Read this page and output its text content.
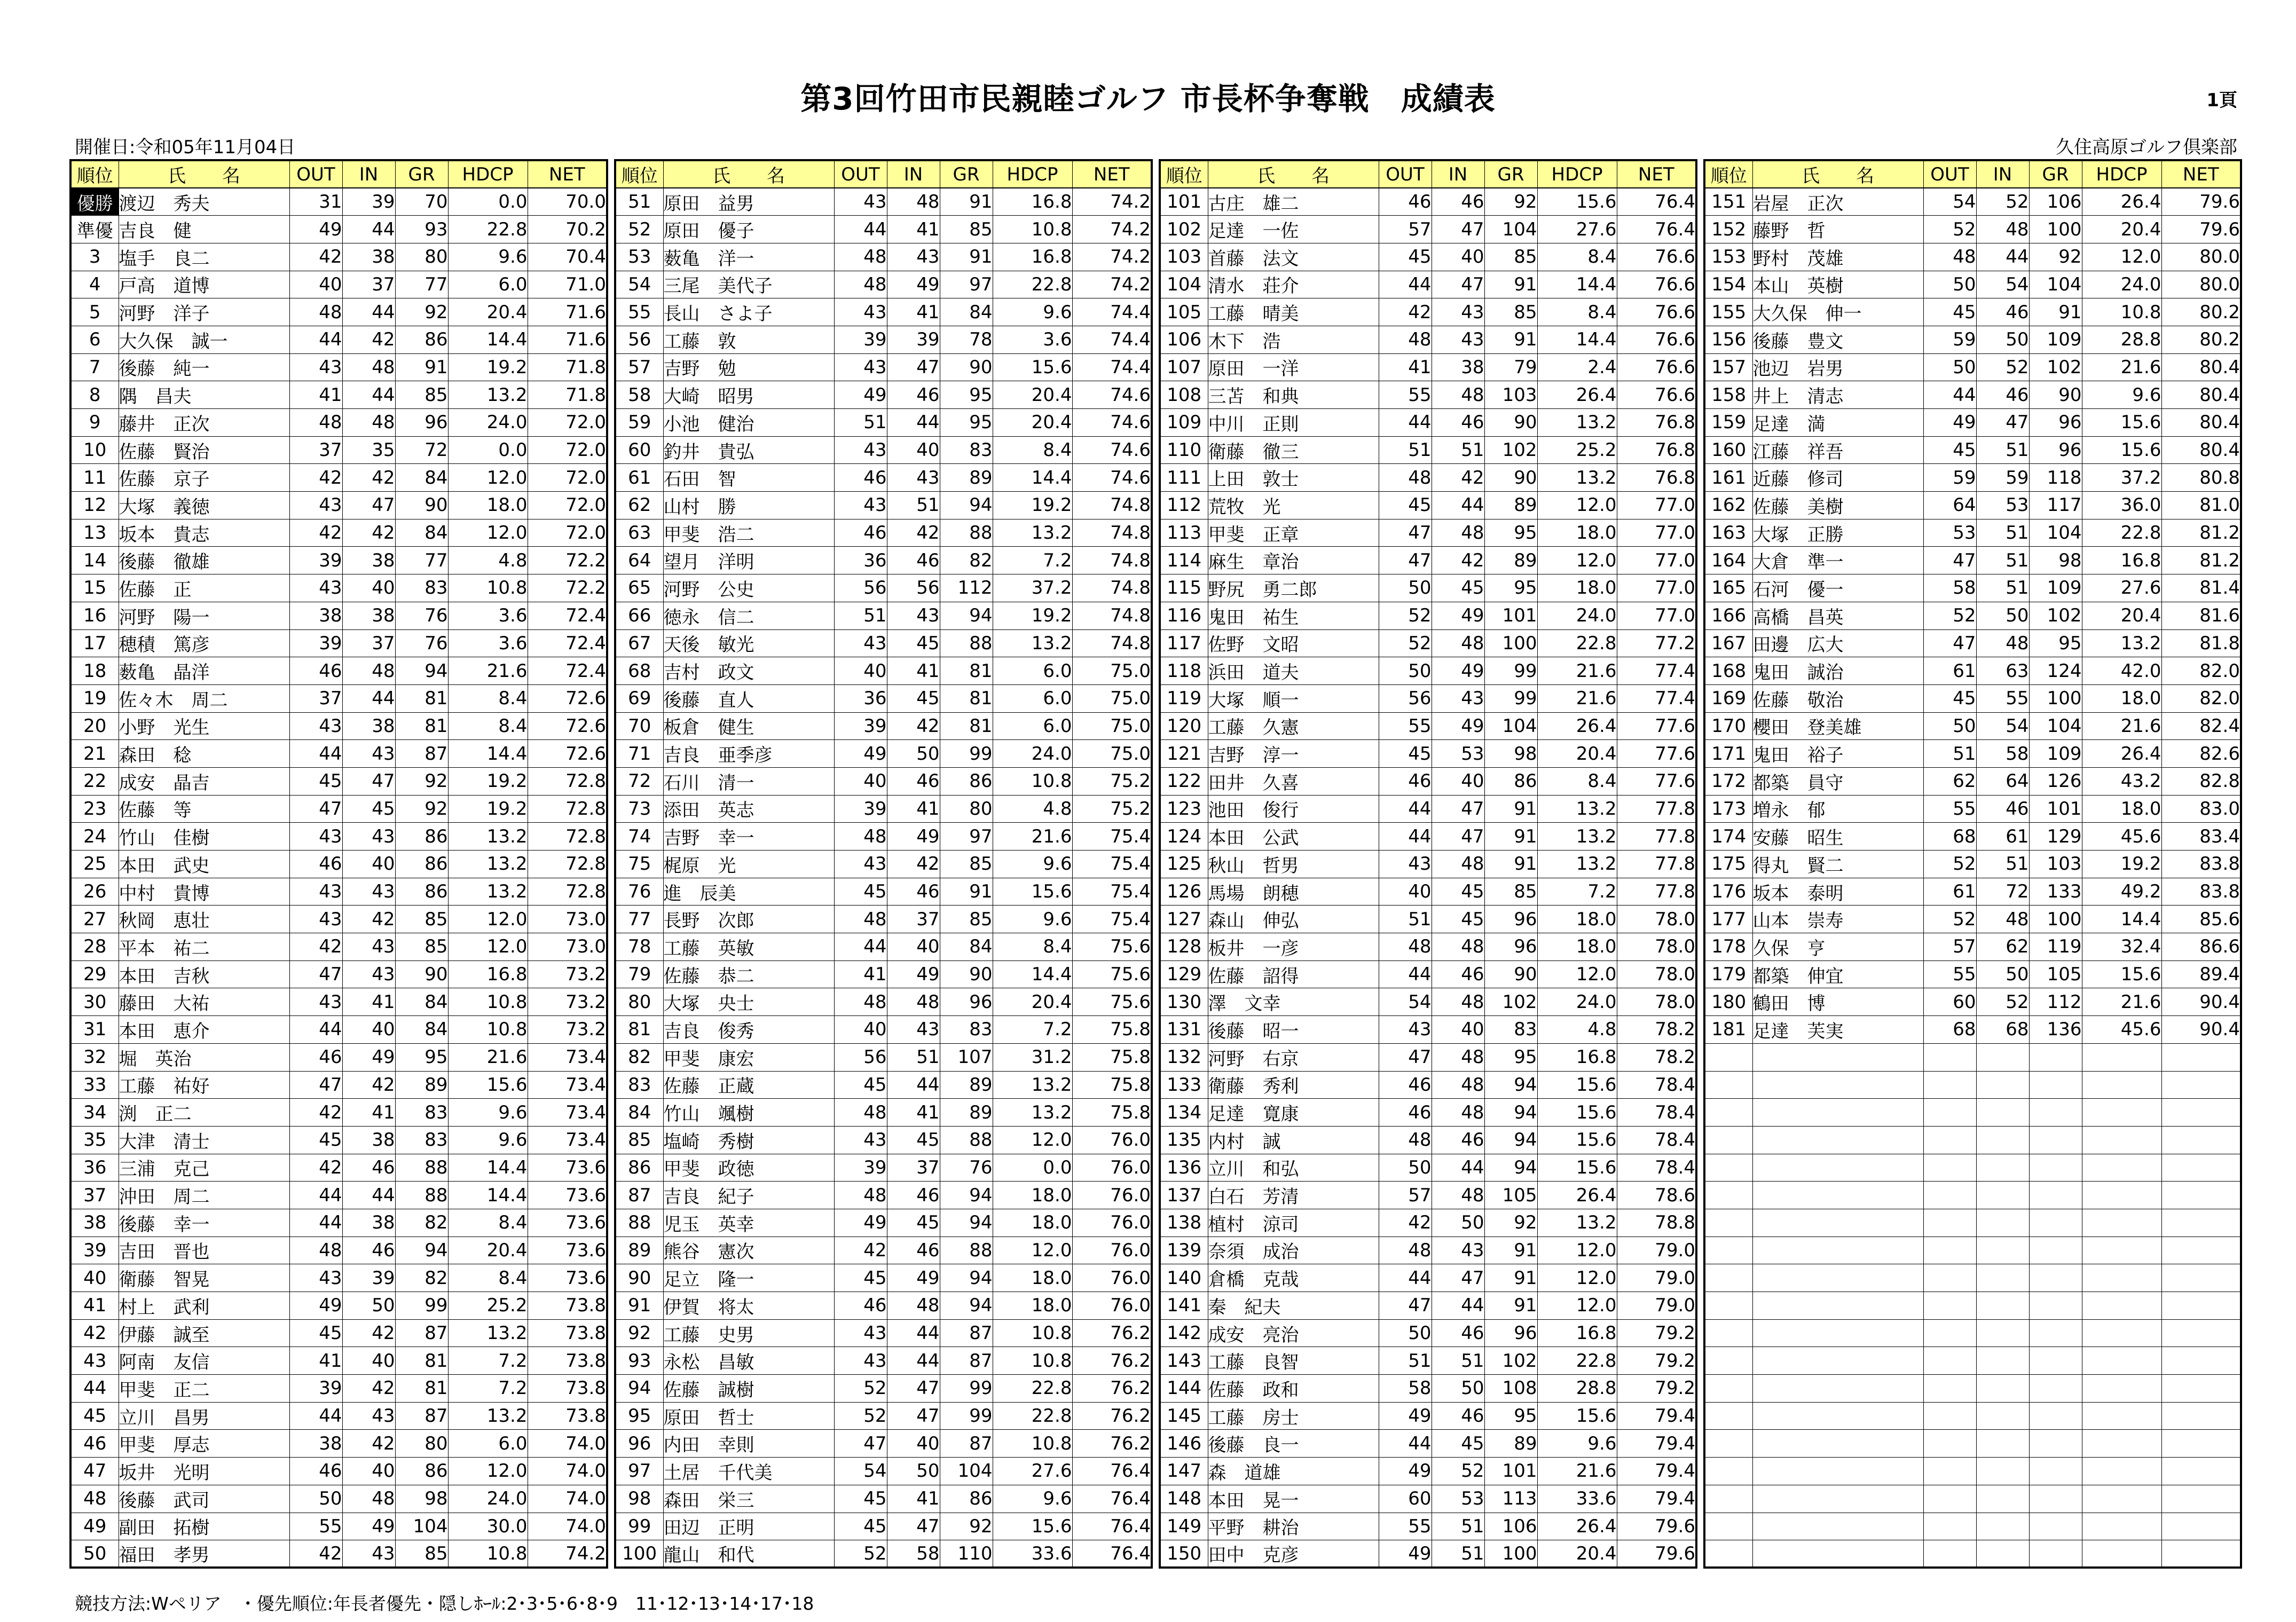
第3回竹田市民親睦ゴルフ 市長杯争奪戦　成績表	1頁
開催日:令和05年11月04日	久住高原ゴルフ倶楽部
順位	氏　　名	OUT	IN	GR	HDCP	NET
優勝	渡辺　秀夫	31	39	70	0.0	70.0
準優	吉良　健	49	44	93	22.8	70.2
3	塩手　良二	42	38	80	9.6	70.4
4	戸高　道博	40	37	77	6.0	71.0
5	河野　洋子	48	44	92	20.4	71.6
6	大久保　誠一	44	42	86	14.4	71.6
7	後藤　純一	43	48	91	19.2	71.8
8	隅　昌夫	41	44	85	13.2	71.8
9	藤井　正次	48	48	96	24.0	72.0
10	佐藤　賢治	37	35	72	0.0	72.0
11	佐藤　京子	42	42	84	12.0	72.0
12	大塚　義徳	43	47	90	18.0	72.0
13	坂本　貴志	42	42	84	12.0	72.0
14	後藤　徹雄	39	38	77	4.8	72.2
15	佐藤　正	43	40	83	10.8	72.2
16	河野　陽一	38	38	76	3.6	72.4
17	穂積　篤彦	39	37	76	3.6	72.4
18	薮亀　晶洋	46	48	94	21.6	72.4
19	佐々木　周二	37	44	81	8.4	72.6
20	小野　光生	43	38	81	8.4	72.6
21	森田　稔	44	43	87	14.4	72.6
22	成安　晶吉	45	47	92	19.2	72.8
23	佐藤　等	47	45	92	19.2	72.8
24	竹山　佳樹	43	43	86	13.2	72.8
25	本田　武史	46	40	86	13.2	72.8
26	中村　貴博	43	43	86	13.2	72.8
27	秋岡　恵壮	43	42	85	12.0	73.0
28	平本　祐二	42	43	85	12.0	73.0
29	本田　吉秋	47	43	90	16.8	73.2
30	藤田　大祐	43	41	84	10.8	73.2
31	本田　恵介	44	40	84	10.8	73.2
32	堀　英治	46	49	95	21.6	73.4
33	工藤　祐好	47	42	89	15.6	73.4
34	渕　正二	42	41	83	9.6	73.4
35	大津　清士	45	38	83	9.6	73.4
36	三浦　克己	42	46	88	14.4	73.6
37	沖田　周二	44	44	88	14.4	73.6
38	後藤　幸一	44	38	82	8.4	73.6
39	吉田　晋也	48	46	94	20.4	73.6
40	衛藤　智晃	43	39	82	8.4	73.6
41	村上　武利	49	50	99	25.2	73.8
42	伊藤　誠至	45	42	87	13.2	73.8
43	阿南　友信	41	40	81	7.2	73.8
44	甲斐　正二	39	42	81	7.2	73.8
45	立川　昌男	44	43	87	13.2	73.8
46	甲斐　厚志	38	42	80	6.0	74.0
47	坂井　光明	46	40	86	12.0	74.0
48	後藤　武司	50	48	98	24.0	74.0
49	副田　拓樹	55	49	104	30.0	74.0
50	福田　孝男	42	43	85	10.8	74.2
順位	氏　　名	OUT	IN	GR	HDCP	NET
51	原田　益男	43	48	91	16.8	74.2
52	原田　優子	44	41	85	10.8	74.2
53	薮亀　洋一	48	43	91	16.8	74.2
54	三尾　美代子	48	49	97	22.8	74.2
55	長山　さよ子	43	41	84	9.6	74.4
56	工藤　敦	39	39	78	3.6	74.4
57	吉野　勉	43	47	90	15.6	74.4
58	大崎　昭男	49	46	95	20.4	74.6
59	小池　健治	51	44	95	20.4	74.6
60	釣井　貴弘	43	40	83	8.4	74.6
61	石田　智	46	43	89	14.4	74.6
62	山村　勝	43	51	94	19.2	74.8
63	甲斐　浩二	46	42	88	13.2	74.8
64	望月　洋明	36	46	82	7.2	74.8
65	河野　公史	56	56	112	37.2	74.8
66	徳永　信二	51	43	94	19.2	74.8
67	天後　敏光	43	45	88	13.2	74.8
68	吉村　政文	40	41	81	6.0	75.0
69	後藤　直人	36	45	81	6.0	75.0
70	板倉　健生	39	42	81	6.0	75.0
71	吉良　亜季彦	49	50	99	24.0	75.0
72	石川　清一	40	46	86	10.8	75.2
73	添田　英志	39	41	80	4.8	75.2
74	吉野　幸一	48	49	97	21.6	75.4
75	梶原　光	43	42	85	9.6	75.4
76	進　辰美	45	46	91	15.6	75.4
77	長野　次郎	48	37	85	9.6	75.4
78	工藤　英敏	44	40	84	8.4	75.6
79	佐藤　恭二	41	49	90	14.4	75.6
80	大塚　央士	48	48	96	20.4	75.6
81	吉良　俊秀	40	43	83	7.2	75.8
82	甲斐　康宏	56	51	107	31.2	75.8
83	佐藤　正蔵	45	44	89	13.2	75.8
84	竹山　颯樹	48	41	89	13.2	75.8
85	塩崎　秀樹	43	45	88	12.0	76.0
86	甲斐　政徳	39	37	76	0.0	76.0
87	吉良　紀子	48	46	94	18.0	76.0
88	児玉　英幸	49	45	94	18.0	76.0
89	熊谷　憲次	42	46	88	12.0	76.0
90	足立　隆一	45	49	94	18.0	76.0
91	伊賀　将太	46	48	94	18.0	76.0
92	工藤　史男	43	44	87	10.8	76.2
93	永松　昌敏	43	44	87	10.8	76.2
94	佐藤　誠樹	52	47	99	22.8	76.2
95	原田　哲士	52	47	99	22.8	76.2
96	内田　幸則	47	40	87	10.8	76.2
97	土居　千代美	54	50	104	27.6	76.4
98	森田　栄三	45	41	86	9.6	76.4
99	田辺　正明	45	47	92	15.6	76.4
100	龍山　和代	52	58	110	33.6	76.4
順位	氏　　名	OUT	IN	GR	HDCP	NET
101	古庄　雄二	46	46	92	15.6	76.4
102	足達　一佐	57	47	104	27.6	76.4
103	首藤　法文	45	40	85	8.4	76.6
104	清水　荘介	44	47	91	14.4	76.6
105	工藤　晴美	42	43	85	8.4	76.6
106	木下　浩	48	43	91	14.4	76.6
107	原田　一洋	41	38	79	2.4	76.6
108	三苫　和典	55	48	103	26.4	76.6
109	中川　正則	44	46	90	13.2	76.8
110	衛藤　徹三	51	51	102	25.2	76.8
111	上田　敦士	48	42	90	13.2	76.8
112	荒牧　光	45	44	89	12.0	77.0
113	甲斐　正章	47	48	95	18.0	77.0
114	麻生　章治	47	42	89	12.0	77.0
115	野尻　勇二郎	50	45	95	18.0	77.0
116	鬼田　祐生	52	49	101	24.0	77.0
117	佐野　文昭	52	48	100	22.8	77.2
118	浜田　道夫	50	49	99	21.6	77.4
119	大塚　順一	56	43	99	21.6	77.4
120	工藤　久憲	55	49	104	26.4	77.6
121	吉野　淳一	45	53	98	20.4	77.6
122	田井　久喜	46	40	86	8.4	77.6
123	池田　俊行	44	47	91	13.2	77.8
124	本田　公武	44	47	91	13.2	77.8
125	秋山　哲男	43	48	91	13.2	77.8
126	馬場　朗穂	40	45	85	7.2	77.8
127	森山　伸弘	51	45	96	18.0	78.0
128	板井　一彦	48	48	96	18.0	78.0
129	佐藤　詔得	44	46	90	12.0	78.0
130	澤　文幸	54	48	102	24.0	78.0
131	後藤　昭一	43	40	83	4.8	78.2
132	河野　右京	47	48	95	16.8	78.2
133	衛藤　秀利	46	48	94	15.6	78.4
134	足達　寛康	46	48	94	15.6	78.4
135	内村　誠	48	46	94	15.6	78.4
136	立川　和弘	50	44	94	15.6	78.4
137	白石　芳清	57	48	105	26.4	78.6
138	植村　涼司	42	50	92	13.2	78.8
139	奈須　成治	48	43	91	12.0	79.0
140	倉橋　克哉	44	47	91	12.0	79.0
141	秦　紀夫	47	44	91	12.0	79.0
142	成安　亮治	50	46	96	16.8	79.2
143	工藤　良智	51	51	102	22.8	79.2
144	佐藤　政和	58	50	108	28.8	79.2
145	工藤　房士	49	46	95	15.6	79.4
146	後藤　良一	44	45	89	9.6	79.4
147	森　道雄	49	52	101	21.6	79.4
148	本田　晃一	60	53	113	33.6	79.4
149	平野　耕治	55	51	106	26.4	79.6
150	田中　克彦	49	51	100	20.4	79.6
順位	氏　　名	OUT	IN	GR	HDCP	NET
151	岩屋　正次	54	52	106	26.4	79.6
152	藤野　哲	52	48	100	20.4	79.6
153	野村　茂雄	48	44	92	12.0	80.0
154	本山　英樹	50	54	104	24.0	80.0
155	大久保　伸一	45	46	91	10.8	80.2
156	後藤　豊文	59	50	109	28.8	80.2
157	池辺　岩男	50	52	102	21.6	80.4
158	井上　清志	44	46	90	9.6	80.4
159	足達　満	49	47	96	15.6	80.4
160	江藤　祥吾	45	51	96	15.6	80.4
161	近藤　修司	59	59	118	37.2	80.8
162	佐藤　美樹	64	53	117	36.0	81.0
163	大塚　正勝	53	51	104	22.8	81.2
164	大倉　準一	47	51	98	16.8	81.2
165	石河　優一	58	51	109	27.6	81.4
166	高橋　昌英	52	50	102	20.4	81.6
167	田邊　広大	47	48	95	13.2	81.8
168	鬼田　誠治	61	63	124	42.0	82.0
169	佐藤　敬治	45	55	100	18.0	82.0
170	櫻田　登美雄	50	54	104	21.6	82.4
171	鬼田　裕子	51	58	109	26.4	82.6
172	都築　員守	62	64	126	43.2	82.8
173	増永　郁	55	46	101	18.0	83.0
174	安藤　昭生	68	61	129	45.6	83.4
175	得丸　賢二	52	51	103	19.2	83.8
176	坂本　泰明	61	72	133	49.2	83.8
177	山本　崇寿	52	48	100	14.4	85.6
178	久保　亨	57	62	119	32.4	86.6
179	都築　伸宜	55	50	105	15.6	89.4
180	鶴田　博	60	52	112	21.6	90.4
181	足達　芙実	68	68	136	45.6	90.4

競技方法:Wペリア　・優先順位:年長者優先・隠しﾎｰﾙ:2･3･5･6･8･9　11･12･13･14･17･18
